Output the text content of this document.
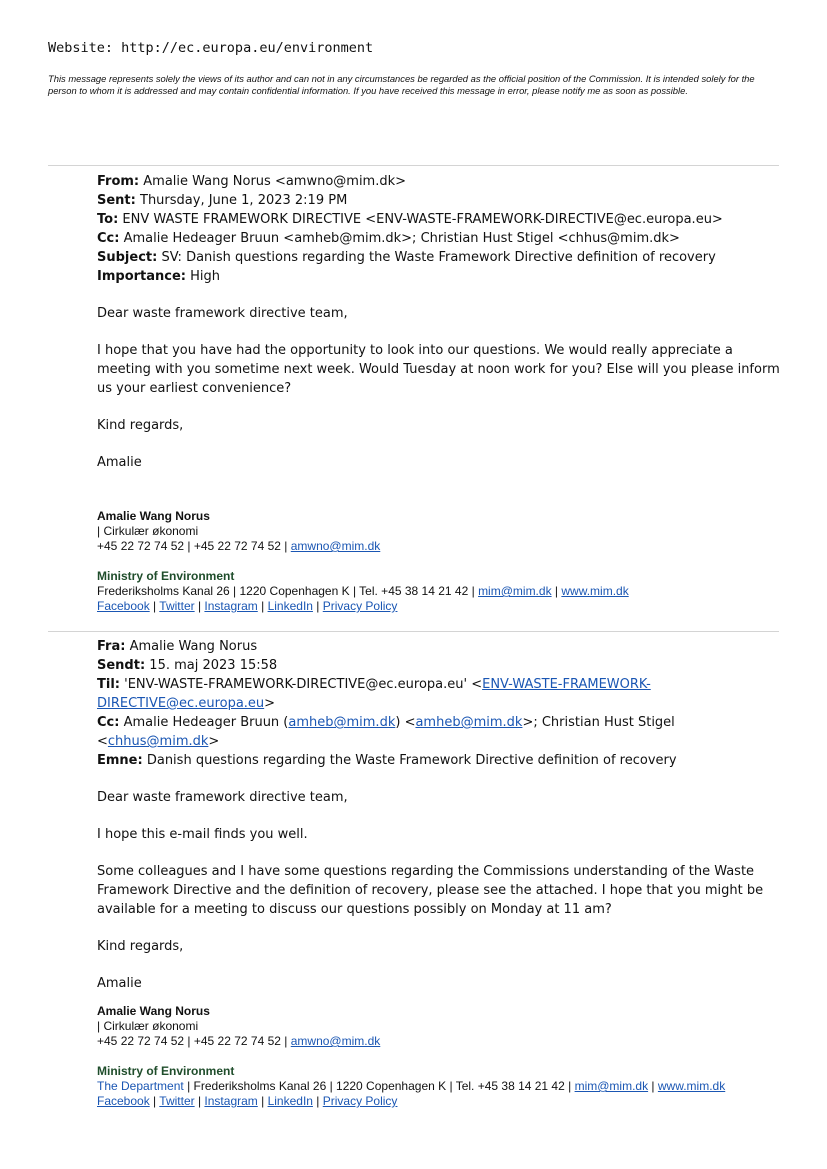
Website: http://ec.europa.eu/environment
This message represents solely the views of its author and can not in any circumstances be regarded as the official position of the Commission. It is intended solely for the person to whom it is addressed and may contain confidential information. If you have received this message in error, please notify me as soon as possible.
From: Amalie Wang Norus <amwno@mim.dk>
Sent: Thursday, June 1, 2023 2:19 PM
To: ENV WASTE FRAMEWORK DIRECTIVE <ENV-WASTE-FRAMEWORK-DIRECTIVE@ec.europa.eu>
Cc: Amalie Hedeager Bruun <amheb@mim.dk>; Christian Hust Stigel <chhus@mim.dk>
Subject: SV: Danish questions regarding the Waste Framework Directive definition of recovery
Importance: High

Dear waste framework directive team,

I hope that you have had the opportunity to look into our questions. We would really appreciate a meeting with you sometime next week. Would Tuesday at noon work for you? Else will you please inform us your earliest convenience?

Kind regards,

Amalie

Amalie Wang Norus
| Cirkulær økonomi
+45 22 72 74 52 | +45 22 72 74 52 | amwno@mim.dk
Ministry of Environment
Frederiksholms Kanal 26 | 1220 Copenhagen K | Tel. +45 38 14 21 42 | mim@mim.dk | www.mim.dk
Facebook | Twitter | Instagram | LinkedIn | Privacy Policy
Fra: Amalie Wang Norus
Sendt: 15. maj 2023 15:58
Til: 'ENV-WASTE-FRAMEWORK-DIRECTIVE@ec.europa.eu' <ENV-WASTE-FRAMEWORK-
DIRECTIVE@ec.europa.eu>
Cc: Amalie Hedeager Bruun (amheb@mim.dk) <amheb@mim.dk>; Christian Hust Stigel <chhus@mim.dk>
Emne: Danish questions regarding the Waste Framework Directive definition of recovery

Dear waste framework directive team,

I hope this e-mail finds you well.

Some colleagues and I have some questions regarding the Commissions understanding of the Waste Framework Directive and the definition of recovery, please see the attached. I hope that you might be available for a meeting to discuss our questions possibly on Monday at 11 am?

Kind regards,

Amalie

Amalie Wang Norus
| Cirkulær økonomi
+45 22 72 74 52 | +45 22 72 74 52 | amwno@mim.dk
Ministry of Environment
The Department | Frederiksholms Kanal 26 | 1220 Copenhagen K | Tel. +45 38 14 21 42 | mim@mim.dk | www.mim.dk
Facebook | Twitter | Instagram | LinkedIn | Privacy Policy
